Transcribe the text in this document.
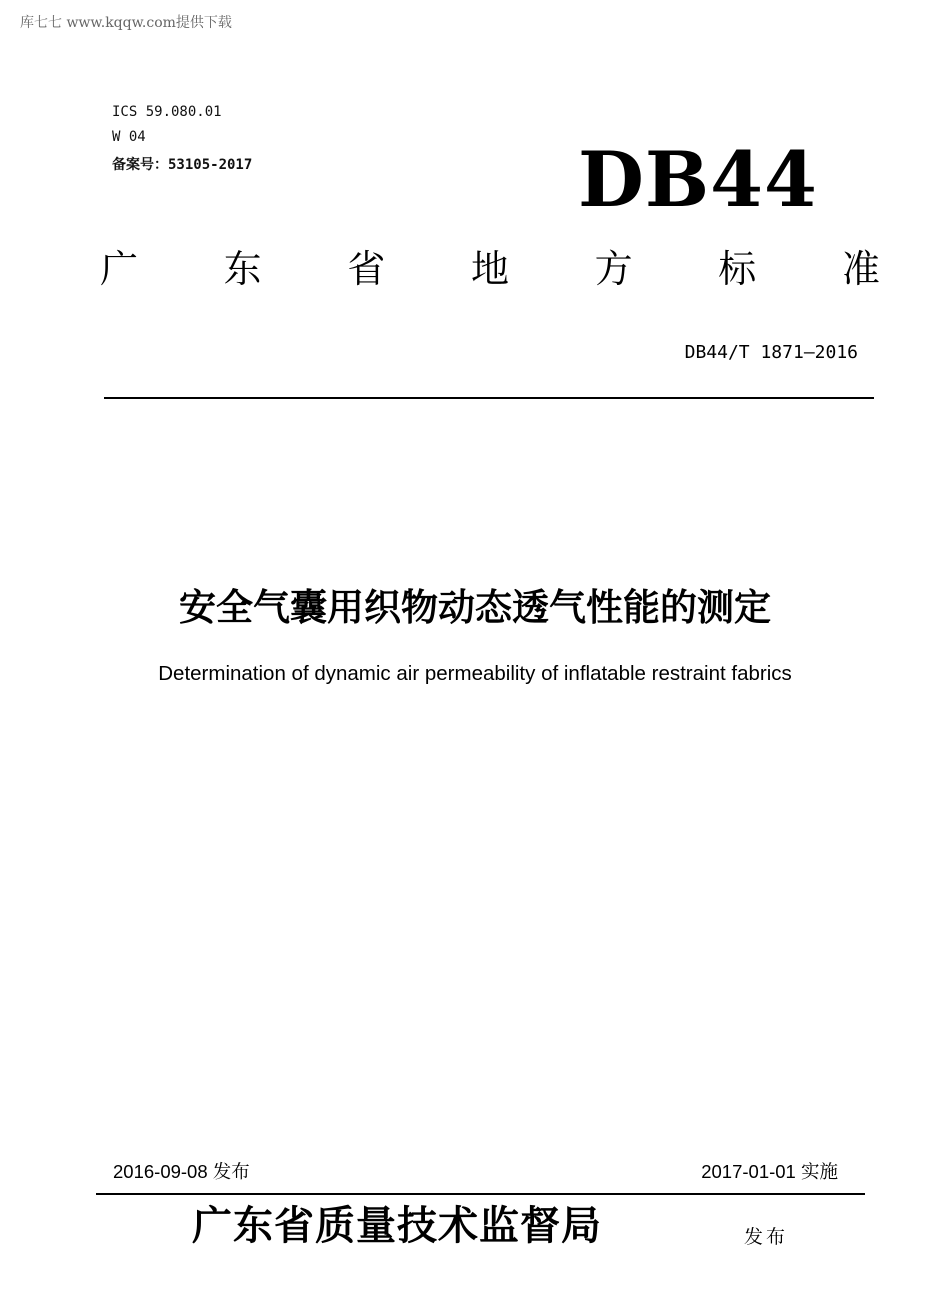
库七七 www.kqqw.com提供下载
ICS 59.080.01
W 04
备案号：53105-2017	DB44
广 东 省 地 方 标 准
DB44/T 1871—2016
安全气囊用织物动态透气性能的测定
Determination of dynamic air permeability of inflatable restraint fabrics
2016-09-08 发布	2017-01-01 实施
广东省质量技术监督局	发布
